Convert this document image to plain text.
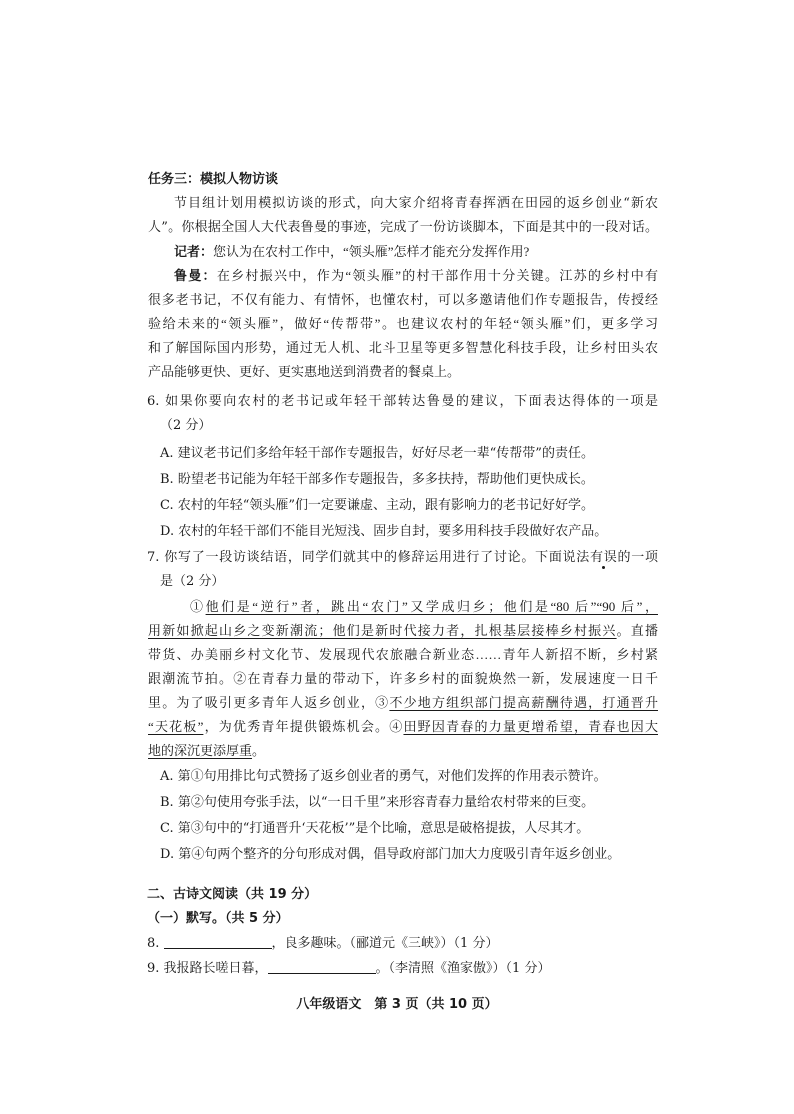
任务三：模拟人物访谈
节目组计划用模拟访谈的形式，向大家介绍将青春挥洒在田园的返乡创业“新农
人”。你根据全国人大代表鲁曼的事迹，完成了一份访谈脚本，下面是其中的一段对话。
记者：您认为在农村工作中，“领头雁”怎样才能充分发挥作用?
鲁曼：在乡村振兴中，作为“领头雁”的村干部作用十分关键。江苏的乡村中有
很多老书记，不仅有能力、有情怀，也懂农村，可以多邀请他们作专题报告，传授经
验给未来的“领头雁”，做好“传帮带”。也建议农村的年轻“领头雁”们，更多学习
和了解国际国内形势，通过无人机、北斗卫星等更多智慧化科技手段，让乡村田头农
产品能够更快、更好、更实惠地送到消费者的餐桌上。
6. 如果你要向农村的老书记或年轻干部转达鲁曼的建议，下面表达得体的一项是
（2 分）
A. 建议老书记们多给年轻干部作专题报告，好好尽老一辈“传帮带”的责任。
B. 盼望老书记能为年轻干部多作专题报告，多多扶持，帮助他们更快成长。
C. 农村的年轻“领头雁”们一定要谦虚、主动，跟有影响力的老书记好好学。
D. 农村的年轻干部们不能目光短浅、固步自封，要多用科技手段做好农产品。
7. 你写了一段访谈结语，同学们就其中的修辞运用进行了讨论。下面说法有误的一项
是（2 分）
①他们是“逆行”者，跳出“农门”又学成归乡；他们是“80 后”“90 后”，
用新如掀起山乡之变新潮流；他们是新时代接力者，扎根基层接棒乡村振兴。直播
带货、办美丽乡村文化节、发展现代农旅融合新业态……青年人新招不断，乡村紧
跟潮流节拍。②在青春力量的带动下，许多乡村的面貌焕然一新，发展速度一日千
里。为了吸引更多青年人返乡创业，③不少地方组织部门提高薪酬待遇，打通晋升
“天花板”，为优秀青年提供锻炼机会。④田野因青春的力量更增希望，青春也因大
地的深沉更添厚重。
A. 第①句用排比句式赞扬了返乡创业者的勇气，对他们发挥的作用表示赞许。
B. 第②句使用夸张手法，以“一日千里”来形容青春力量给农村带来的巨变。
C. 第③句中的“打通晋升‘天花板’”是个比喻，意思是破格提拔，人尽其才。
D. 第④句两个整齐的分句形成对偶，倡导政府部门加大力度吸引青年返乡创业。
二、古诗文阅读（共 19 分）
（一）默写。（共 5 分）
8.	，良多趣味。（郦道元《三峡》）（1 分）
9. 我报路长嗟日暮，	。（李清照《渔家傲》）（1 分）
八年级语文　第 3 页（共 10 页）
